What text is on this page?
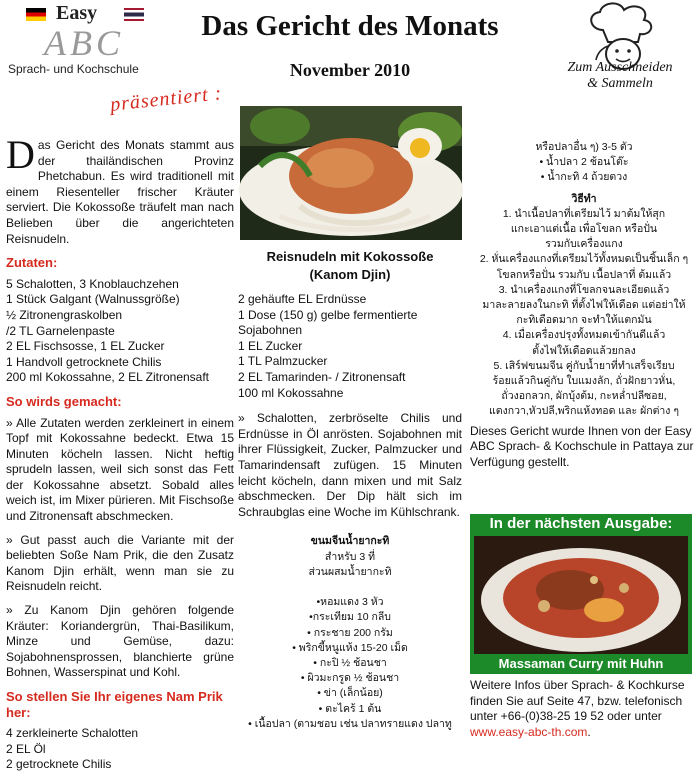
Easy
ABC
Sprach- und Kochschule
präsentiert :
Das Gericht des Monats
November 2010	Zum Ausschneiden
& Sammeln

Das Gericht des Monats stammt aus der thailändischen Provinz Phetchabun. Es wird traditionell mit einem Riesenteller frischer Kräuter serviert. Die Kokossoße träufelt man nach Belieben über die angerichteten Reisnudeln.

Zutaten:
5 Schalotten, 3 Knoblauchzehen
1 Stück Galgant (Walnussgröße)
½ Zitronengraskolben
/2 TL Garnelenpaste
2 EL Fischsosse, 1 EL Zucker
1 Handvoll getrocknete Chilis
200 ml Kokossahne, 2 EL Zitronensaft
So wirds gemacht:

» Alle Zutaten werden zerkleinert in einem Topf mit Kokossahne bedeckt. Etwa 15 Minuten köcheln lassen. Nicht heftig sprudeln lassen, weil sich sonst das Fett der Kokossahne absetzt. Sobald alles weich ist, im Mixer pürieren. Mit Fischsoße und Zitronensaft abschmecken.

» Gut passt auch die Variante mit der beliebten Soße Nam Prik, die den Zusatz Kanom Djin erhält, wenn man sie zu Reisnudeln reicht.

» Zu Kanom Djin gehören folgende Kräuter: Koriandergrün, Thai-Basilikum, Minze und Gemüse, dazu: Sojabohnensprossen, blanchierte grüne Bohnen, Wasserspinat und Kohl.

So stellen Sie Ihr eigenes Nam Prik her:
4 zerkleinerte Schalotten
2 EL Öl
2 getrocknete Chilis
Reisnudeln mit Kokossoße
(Kanom Djin)
2 gehäufte EL Erdnüsse
1 Dose (150 g) gelbe fermentierte Sojabohnen
1 EL Zucker
1 TL Palmzucker
2 EL Tamarinden- / Zitronensaft
100 ml Kokossahne

» Schalotten, zerbröselte Chilis und Erdnüsse in Öl anrösten. Sojabohnen mit ihrer Flüssigkeit, Zucker, Palmzucker und Tamarindensaft zufügen. 15 Minuten leicht köcheln, dann mixen und mit Salz abschmecken. Der Dip hält sich im Schraubglas eine Woche im Kühlschrank.

ขนมจีนน้ำยากะทิ
สำหรับ 3 ที่
ส่วนผสมน้ำยากะทิ

•หอมแดง 3 หัว
•กระเทียม 10 กลีบ
• กระชาย 200 กรัม
• พริกขี้หนูแห้ง 15-20 เม็ด
• กะปิ ½ ช้อนชา
• ผิวมะกรูด ½ ช้อนชา
• ข่า (เล็กน้อย)
• ตะไคร้ 1 ต้น
• เนื้อปลา (ตามชอบ เช่น ปลาทรายแดง ปลาทู
หรือปลาอื่น ๆ) 3-5 ตัว
• น้ำปลา 2 ช้อนโต๊ะ
• น้ำกะทิ 4 ถ้วยตวง
วิธีทำ
1. นำเนื้อปลาที่เตรียมไว้ มาต้มให้สุก
แกะเอาแต่เนื้อ เพื่อโขลก หรือปั่น
รวมกับเครื่องแกง
2. หั่นเครื่องแกงที่เตรียมไว้ทั้งหมดเป็นชิ้นเล็ก ๆ
โขลกหรือปั่น รวมกับ เนื้อปลาที่ ต้มแล้ว
3. นำเครื่องแกงที่โขลกจนละเอียดแล้ว
มาละลายลงในกะทิ ที่ตั้งไฟให้เดือด แต่อย่าให้
กะทิเดือดมาก จะทำให้แตกมัน
4. เมื่อเครื่องปรุงทั้งหมดเข้ากันดีแล้ว
ตั้งไฟให้เดือดแล้วยกลง
5. เสิร์ฟขนมจีน คู่กับน้ำยาที่ทำเสร็จเรียบ
ร้อยแล้วกินคู่กับ ใบแมงลัก, ถั่วฝักยาวหั่น,
ถั่วงอกลวก, ผักบุ้งต้ม, กะหล่ำปลีซอย,
แตงกวา,หัวปลี,พริกแห้งทอด และ ผักต่าง ๆ

Dieses Gericht wurde Ihnen von der Easy ABC Sprach- & Kochschule in Pattaya zur Verfügung gestellt.

In der nächsten Ausgabe:
Massaman Curry mit Huhn
Weitere Infos über Sprach- & Kochkurse finden Sie auf Seite 47, bzw. telefonisch unter +66-(0)38-25 19 52 oder unter www.easy-abc-th.com.
